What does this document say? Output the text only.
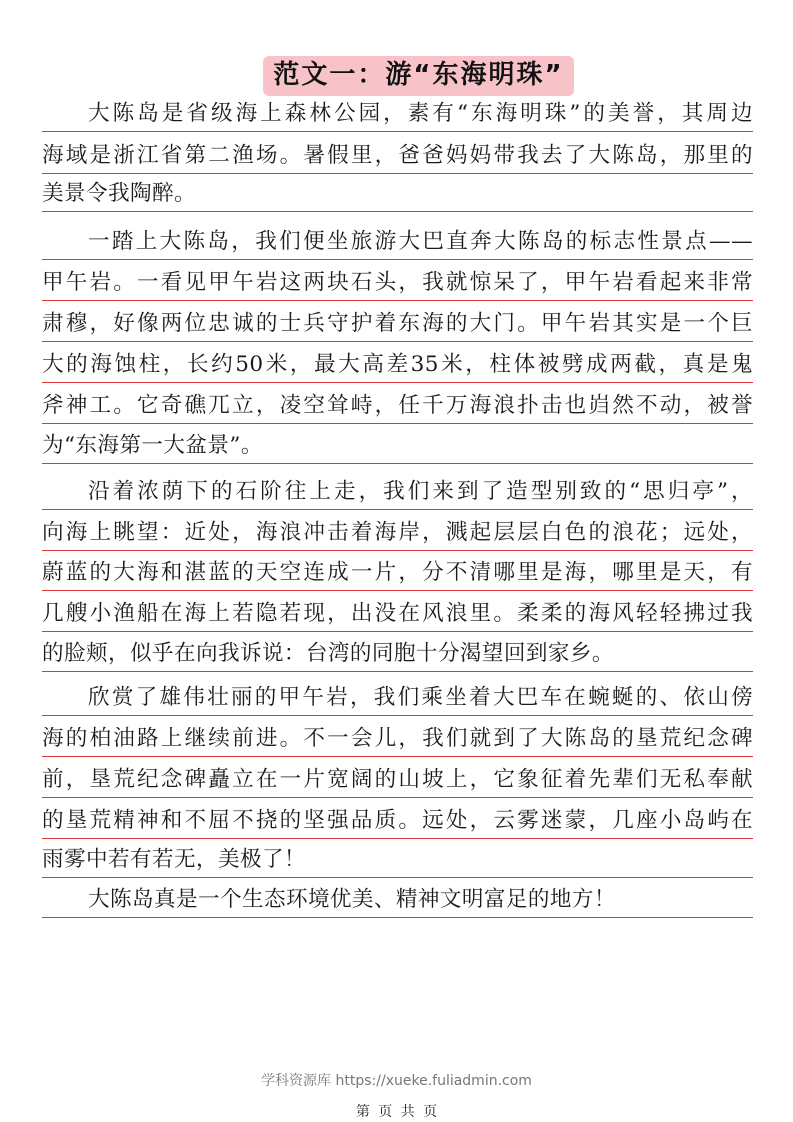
范文一：游“东海明珠”
大陈岛是省级海上森林公园，素有“东海明珠”的美誉，其周边
海域是浙江省第二渔场。暑假里，爸爸妈妈带我去了大陈岛，那里的
美景令我陶醉。
一踏上大陈岛，我们便坐旅游大巴直奔大陈岛的标志性景点——
甲午岩。一看见甲午岩这两块石头，我就惊呆了，甲午岩看起来非常
肃穆，好像两位忠诚的士兵守护着东海的大门。甲午岩其实是一个巨
大的海蚀柱，长约50米，最大高差35米，柱体被劈成两截，真是鬼
斧神工。它奇礁兀立，凌空耸峙，任千万海浪扑击也岿然不动，被誉
为“东海第一大盆景”。
沿着浓荫下的石阶往上走，我们来到了造型别致的“思归亭”，
向海上眺望：近处，海浪冲击着海岸，溅起层层白色的浪花；远处，
蔚蓝的大海和湛蓝的天空连成一片，分不清哪里是海，哪里是天，有
几艘小渔船在海上若隐若现，出没在风浪里。柔柔的海风轻轻拂过我
的脸颊，似乎在向我诉说：台湾的同胞十分渴望回到家乡。
欣赏了雄伟壮丽的甲午岩，我们乘坐着大巴车在蜿蜒的、依山傍
海的柏油路上继续前进。不一会儿，我们就到了大陈岛的垦荒纪念碑
前，垦荒纪念碑矗立在一片宽阔的山坡上，它象征着先辈们无私奉献
的垦荒精神和不屈不挠的坚强品质。远处，云雾迷蒙，几座小岛屿在
雨雾中若有若无，美极了！
大陈岛真是一个生态环境优美、精神文明富足的地方！
学科资源库 https://xueke.fuliadmin.com
第 页 共 页
